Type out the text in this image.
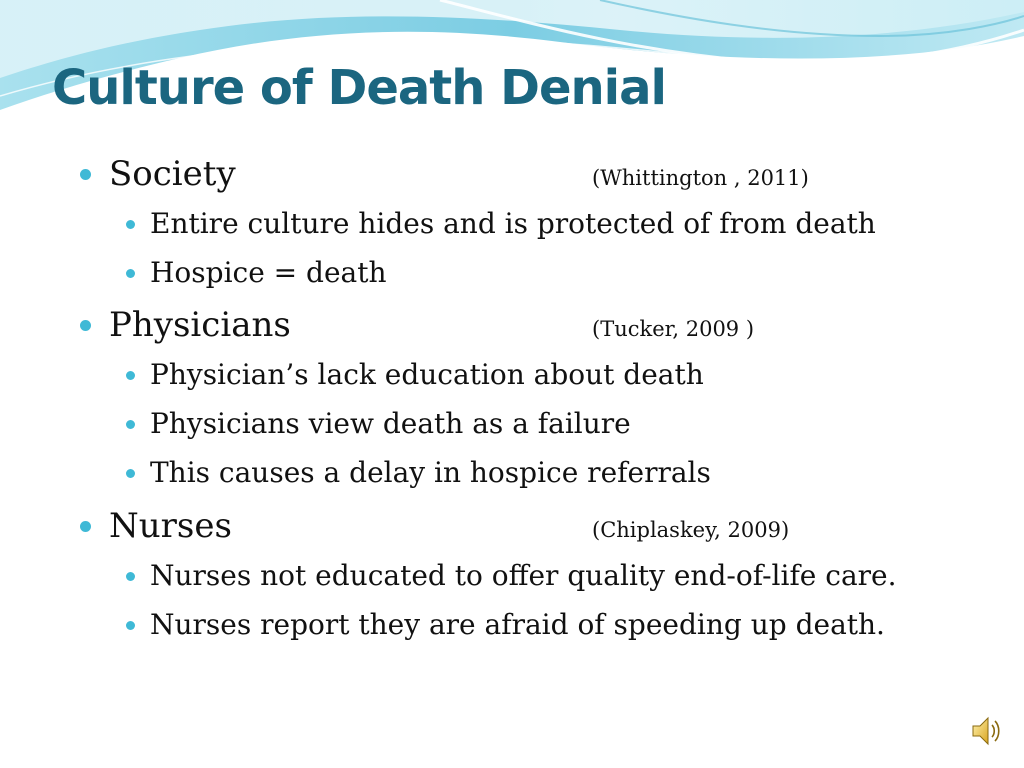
Culture of Death Denial
Society	(Whittington , 2011)
Entire culture hides and is protected of from death
Hospice = death
Physicians	(Tucker, 2009 )
Physician’s lack education about death
Physicians view death as a failure
This causes a delay in hospice referrals
Nurses	(Chiplaskey, 2009)
Nurses not educated to offer quality end-of-life care.
Nurses report they are afraid of speeding up death.
